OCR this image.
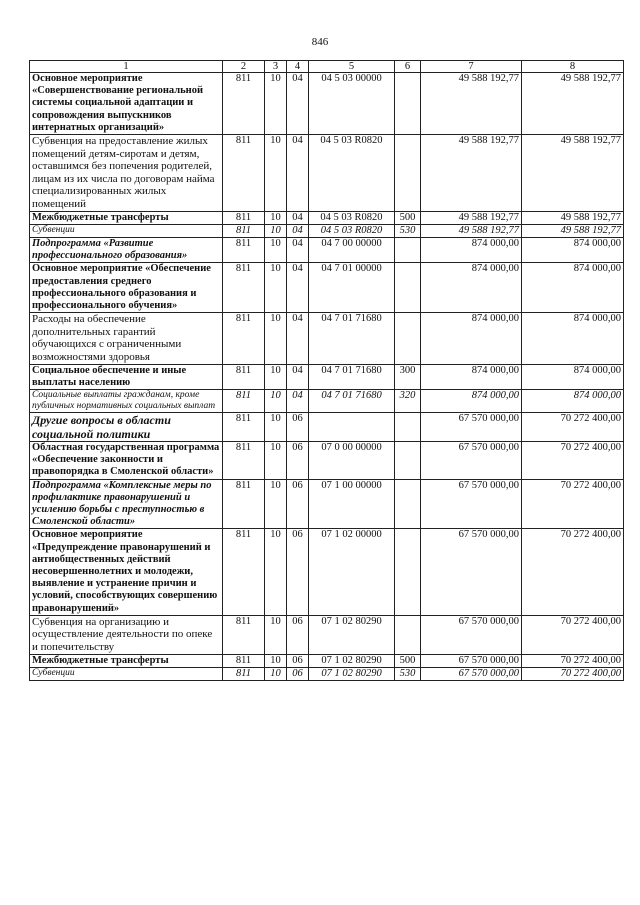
846
1	2	3	4	5	6	7	8
Основное мероприятие «Совершенствование региональной системы социальной адаптации и сопровождения выпускников интернатных организаций»	811	10	04	04 5 03 00000		49 588 192,77	49 588 192,77
Субвенция на предоставление жилых помещений детям-сиротам и детям, оставшимся без попечения родителей, лицам из их числа по договорам найма специализированных жилых помещений	811	10	04	04 5 03 R0820		49 588 192,77	49 588 192,77
Межбюджетные трансферты	811	10	04	04 5 03 R0820	500	49 588 192,77	49 588 192,77
Субвенции	811	10	04	04 5 03 R0820	530	49 588 192,77	49 588 192,77
Подпрограмма «Развитие профессионального образования»	811	10	04	04 7 00 00000		874 000,00	874 000,00
Основное мероприятие «Обеспечение предоставления среднего профессионального образования и профессионального обучения»	811	10	04	04 7 01 00000		874 000,00	874 000,00
Расходы на обеспечение дополнительных гарантий обучающихся с ограниченными возможностями здоровья	811	10	04	04 7 01 71680		874 000,00	874 000,00
Социальное обеспечение и иные выплаты населению	811	10	04	04 7 01 71680	300	874 000,00	874 000,00
Социальные выплаты гражданам, кроме публичных нормативных социальных выплат	811	10	04	04 7 01 71680	320	874 000,00	874 000,00
Другие вопросы в области социальной политики	811	10	06			67 570 000,00	70 272 400,00
Областная государственная программа «Обеспечение законности и правопорядка в Смоленской области»	811	10	06	07 0 00 00000		67 570 000,00	70 272 400,00
Подпрограмма «Комплексные меры по профилактике правонарушений и усилению борьбы с преступностью в Смоленской области»	811	10	06	07 1 00 00000		67 570 000,00	70 272 400,00
Основное мероприятие «Предупреждение правонарушений и антиобщественных действий несовершеннолетних и молодежи, выявление и устранение причин и условий, способствующих совершению правонарушений»	811	10	06	07 1 02 00000		67 570 000,00	70 272 400,00
Субвенция на организацию и осуществление деятельности по опеке и попечительству	811	10	06	07 1 02 80290		67 570 000,00	70 272 400,00
Межбюджетные трансферты	811	10	06	07 1 02 80290	500	67 570 000,00	70 272 400,00
Субвенции	811	10	06	07 1 02 80290	530	67 570 000,00	70 272 400,00
